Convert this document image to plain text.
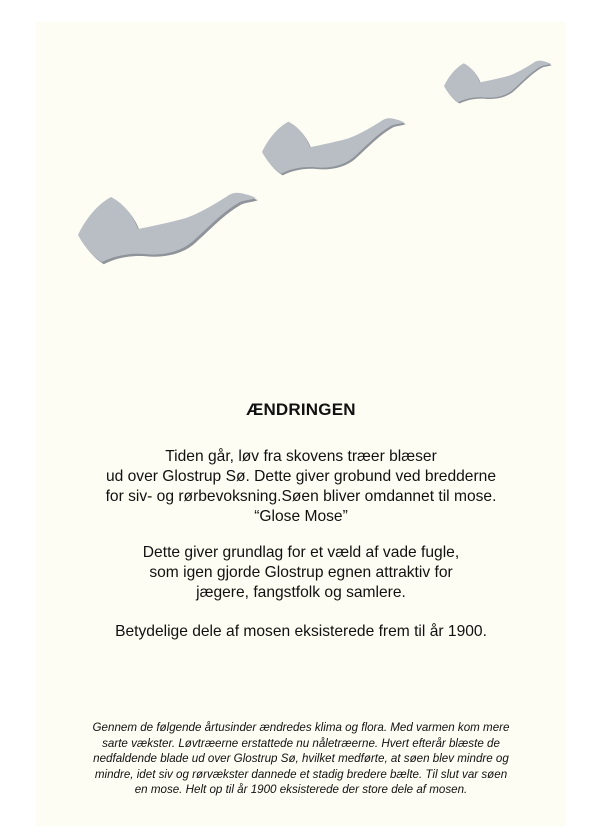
ÆNDRINGEN
Tiden går, løv fra skovens træer blæser
ud over Glostrup Sø. Dette giver grobund ved bredderne
for siv- og rørbevoksning.Søen bliver omdannet til mose.
“Glose Mose”
Dette giver grundlag for et væld af vade fugle,
som igen gjorde Glostrup egnen attraktiv for
jægere, fangstfolk og samlere.
Betydelige dele af mosen eksisterede frem til år 1900.
Gennem de følgende årtusinder ændredes klima og flora. Med varmen kom mere
sarte vækster. Løvtræerne erstattede nu nåletræerne. Hvert efterår blæste de
nedfaldende blade ud over Glostrup Sø, hvilket medførte, at søen blev mindre og
mindre, idet siv og rørvækster dannede et stadig bredere bælte. Til slut var søen
en mose. Helt op til år 1900 eksisterede der store dele af mosen.
